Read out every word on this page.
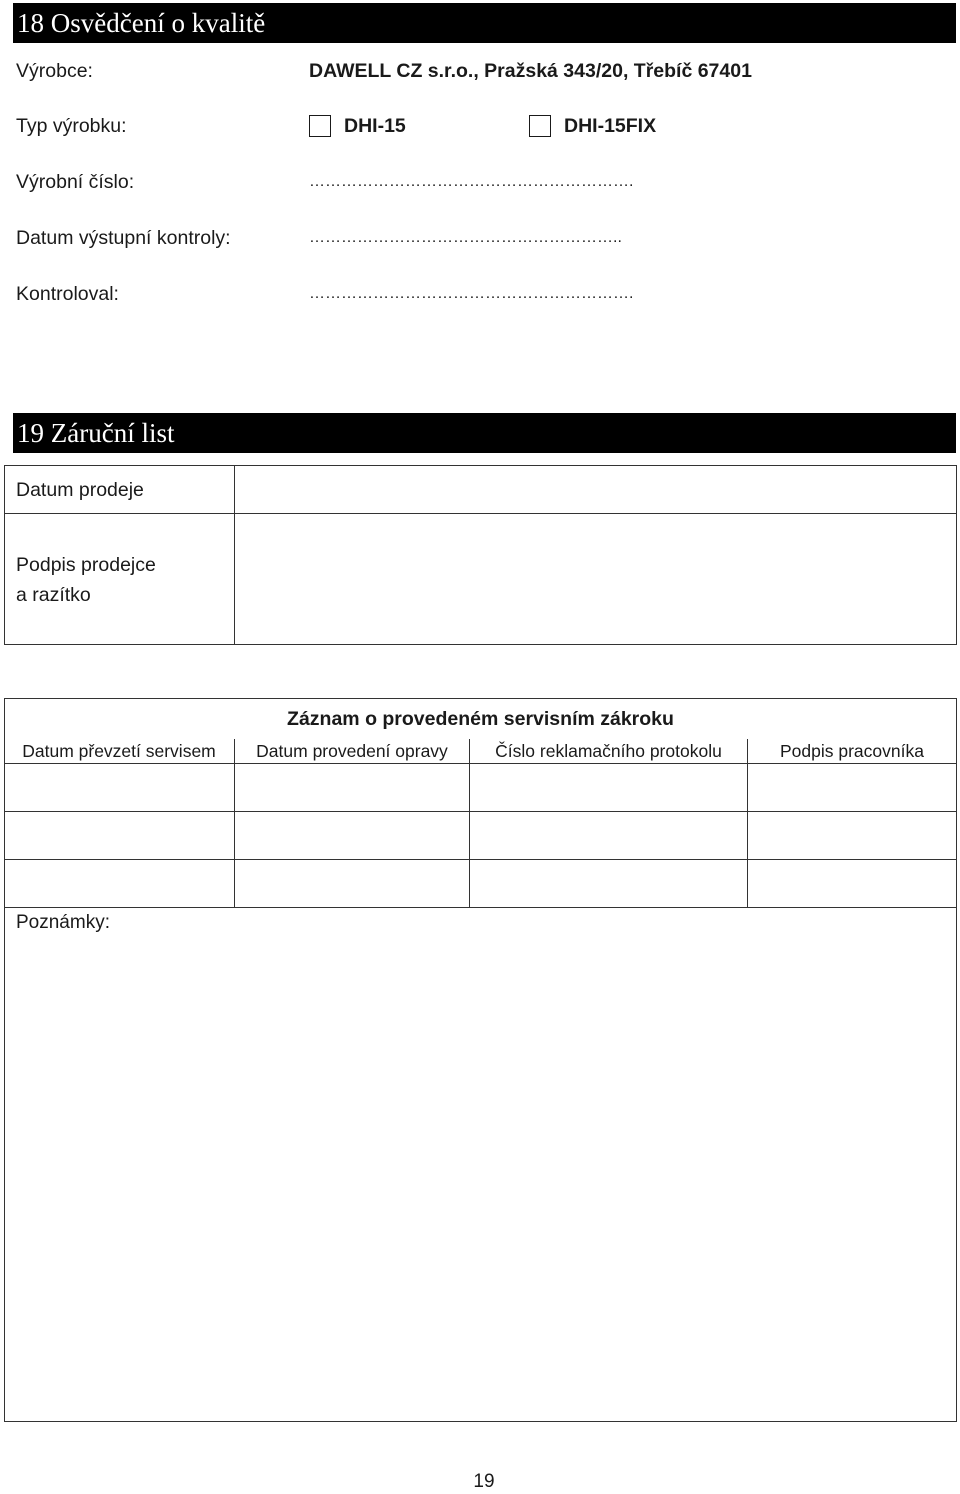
18 Osvědčení o kvalitě
Výrobce:	DAWELL CZ s.r.o., Pražská 343/20, Třebíč 67401
Typ výrobku:	DHI-15	DHI-15FIX
Výrobní číslo:	…………………………………………………….
Datum výstupní kontroly:	…………………………………………………..
Kontroloval:	…………………………………………………….
19 Záruční list
Datum prodeje
Podpis prodejce
a razítko
Záznam o provedeném servisním zákroku
Datum převzetí servisem	Datum provedení opravy	Číslo reklamačního protokolu	Podpis pracovníka
Poznámky:
19
